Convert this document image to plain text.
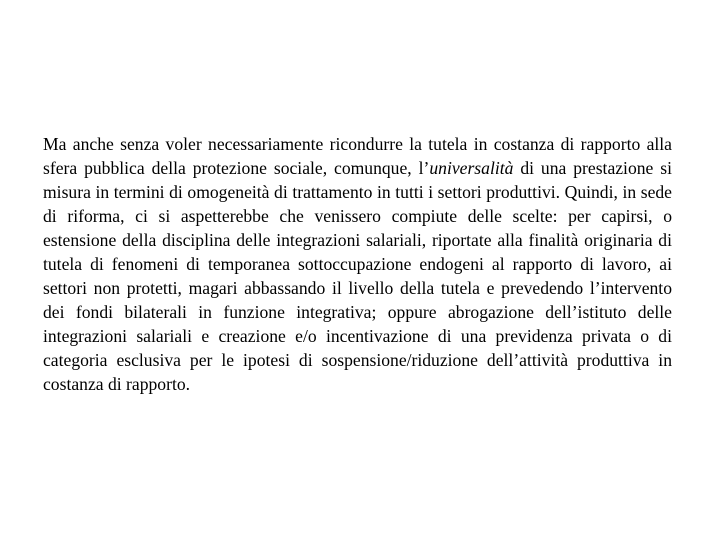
Ma anche senza voler necessariamente ricondurre la tutela in costanza di rapporto alla sfera pubblica della protezione sociale, comunque, l’universalità di una prestazione si misura in termini di omogeneità di trattamento in tutti i settori produttivi. Quindi, in sede di riforma, ci si aspetterebbe che venissero compiute delle scelte: per capirsi, o estensione della disciplina delle integrazioni salariali, riportate alla finalità originaria di tutela di fenomeni di temporanea sottoccupazione endogeni al rapporto di lavoro, ai settori non protetti, magari abbassando il livello della tutela e prevedendo l’intervento dei fondi bilaterali in funzione integrativa; oppure abrogazione dell’istituto delle integrazioni salariali e creazione e/o incentivazione di una previdenza privata o di categoria esclusiva per le ipotesi di sospensione/riduzione dell’attività produttiva in costanza di rapporto.
